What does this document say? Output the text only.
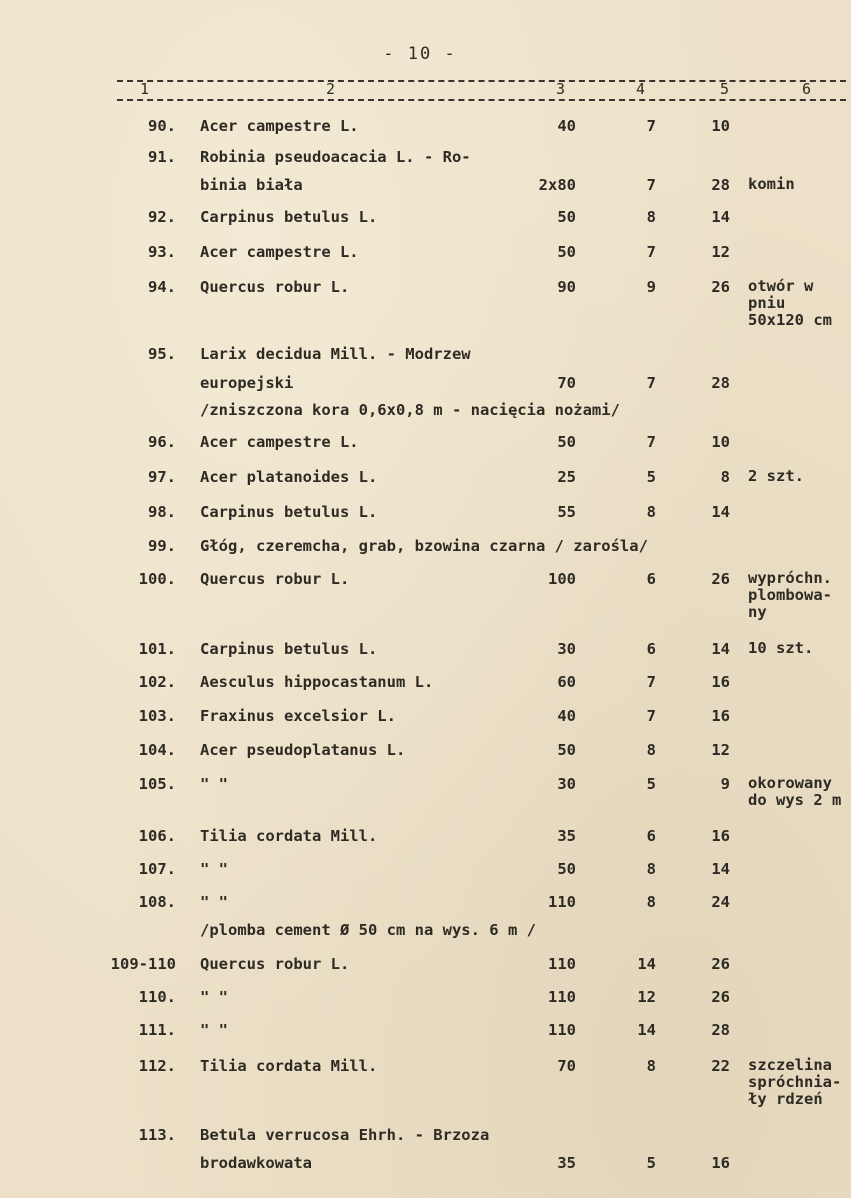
- 10 -
1	2	3	4	5	6
90. Acer campestre L.	40	7	10
91. Robinia pseudoacacia L. - Ro-
binia biała	2x80	7	28 komin
92. Carpinus betulus L.	50	8	14
93. Acer campestre L.	50	7	12
94. Quercus robur L.	90	9	26 otwór w
pniu
50x120 cm
95. Larix decidua Mill. - Modrzew
europejski	70	7	28
/zniszczona kora 0,6x0,8 m - nacięcia nożami/
96. Acer campestre L.	50	7	10
97. Acer platanoides L.	25	5	8 2 szt.
98. Carpinus betulus L.	55	8	14
99. Głóg, czeremcha, grab, bzowina czarna / zarośla/
100. Quercus robur L.	100	6	26 wypróchn.
plombowa-
ny
101. Carpinus betulus L.	30	6	14 10 szt.
102. Aesculus hippocastanum L.	60	7	16
103. Fraxinus excelsior L.	40	7	16
104. Acer pseudoplatanus L.	50	8	12
105. " "	30	5	9 okorowany
do wys 2 m
106. Tilia cordata Mill.	35	6	16
107. " "	50	8	14
108. " "	110	8	24
/plomba cement Ø 50 cm na wys. 6 m /
109-110 Quercus robur L.	110	14	26
110. " "	110	12	26
111. " "	110	14	28
112. Tilia cordata Mill.	70	8	22 szczelina
spróchnia-
ły rdzeń
113. Betula verrucosa Ehrh. - Brzoza
brodawkowata	35	5	16
